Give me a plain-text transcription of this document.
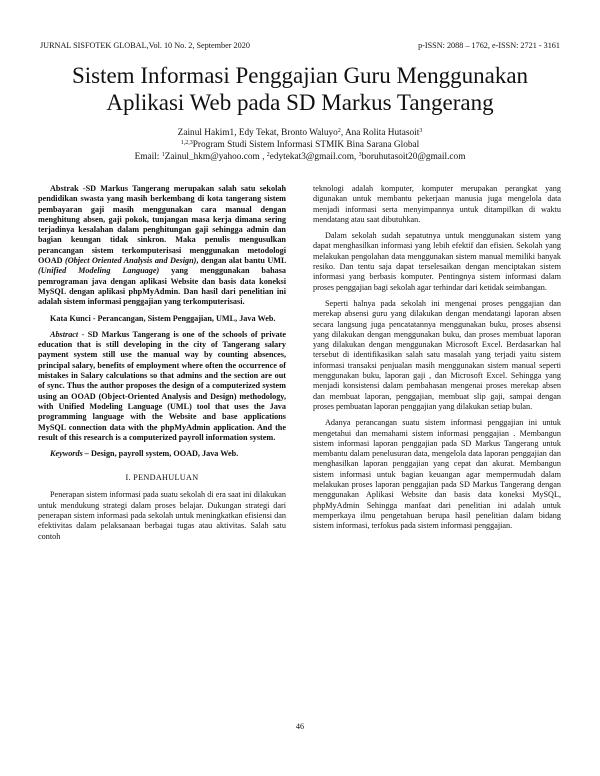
JURNAL SISFOTEK GLOBAL,Vol. 10 No. 2, September 2020	p-ISSN: 2088 – 1762, e-ISSN: 2721 - 3161
Sistem Informasi Penggajian Guru Menggunakan
Aplikasi Web pada SD Markus Tangerang
Zainul Hakim1, Edy Tekat, Bronto Waluyo$^2$, Ana Rolita Hutasoit$^3$
$^{1,2,3}$Program Studi Sistem Informasi STMIK Bina Sarana Global
Email: $^1$Zainul_hkm@yahoo.com , $^2$edytekat3@gmail.com, $^3$boruhutasoit20@gmail.com

Abstrak -SD Markus Tangerang merupakan salah satu sekolah pendidikan swasta yang masih berkembang di kota tangerang sistem pembayaran gaji masih menggunakan cara manual dengan menghitung absen, gaji pokok, tunjangan masa kerja dimana sering terjadinya kesalahan dalam penghitungan gaji sehingga admin dan bagian keungan tidak sinkron. Maka penulis mengusulkan perancangan sistem terkomputerisasi menggunakan metodologi OOAD (Object Oriented Analysis and Design), dengan alat bantu UML (Unified Modeling Language) yang menggunakan bahasa pemrograman java dengan aplikasi Website dan basis data koneksi MySQL dengan aplikasi phpMyAdmin. Dan hasil dari penelitian ini adalah sistem informasi penggajian yang terkomputerisasi.

Kata Kunci - Perancangan, Sistem Penggajian, UML, Java Web.

Abstract - SD Markus Tangerang is one of the schools of private education that is still developing in the city of Tangerang salary payment system still use the manual way by counting absences, principal salary, benefits of employment where often the occurrence of mistakes in Salary calculations so that admins and the section are out of sync. Thus the author proposes the design of a computerized system using an OOAD (Object-Oriented Analysis and Design) methodology, with Unified Modeling Language (UML) tool that uses the Java programming language with the Website and base applications MySQL connection data with the phpMyAdmin application. And the result of this research is a computerized payroll information system.

Keywords – Design, payroll system, OOAD, Java Web.

I. PENDAHULUAN

Penerapan sistem informasi pada suatu sekolah di era saat ini dilakukan untuk mendukung strategi dalam proses belajar. Dukungan strategi dari penerapan sistem informasi pada sekolah untuk meningkatkan efisiensi dan efektivitas dalam pelaksanaan berbagai tugas atau aktivitas. Salah satu contoh

teknologi adalah komputer, komputer merupakan perangkat yang digunakan untuk membantu pekerjaan manusia juga mengelola data menjadi informasi serta menyimpannya untuk ditampilkan di waktu mendatang atau saat dibutuhkan.

Dalam sekolah sudah sepatutnya untuk menggunakan sistem yang dapat menghasilkan informasi yang lebih efektif dan efisien. Sekolah yang melakukan pengolahan data menggunakan sistem manual memiliki banyak resiko. Dan tentu saja dapat terselesaikan dengan menciptakan sistem informasi yang berbasis komputer. Pentingnya sistem informasi dalam proses penggajian bagi sekolah agar terhindar dari ketidak seimbangan.

Seperti halnya pada sekolah ini mengenai proses penggajian dan merekap absensi guru yang dilakukan dengan mendatangi laporan absen secara langsung juga pencatatannya menggunakan buku, proses absensi yang dilakukan dengan menggunakan buku, dan proses membuat laporan yang dilakukan dengan menggunakan Microsoft Excel. Berdasarkan hal tersebut di identifikasikan salah satu masalah yang terjadi yaitu sistem informasi transaksi penjualan masih menggunakan sistem manual seperti menggunakan buku, laporan gaji , dan Microsoft Excel. Sehingga yang menjadi konsistensi dalam pembahasan mengenai proses merekap absen dan membuat laporan, penggajian, membuat slip gaji, sampai dengan proses pembuatan laporan penggajian yang dilakukan setiap bulan.

Adanya perancangan suatu sistem informasi penggajian ini untuk mengetahui dan memahami sistem informasi penggajian . Membangun sistem informasi laporan penggajian pada SD Markus Tangerang untuk membantu dalam penelusuran data, mengelola data laporan penggajian dan menghasilkan laporan penggajian yang cepat dan akurat. Membangun sistem informasi untuk bagian keuangan agar mempermudah dalam melakukan proses laporan penggajian pada SD Markus Tangerang dengan menggunakan Aplikasi Website dan basis data koneksi MySQL, phpMyAdmin Sehingga manfaat dari penelitian ini adalah untuk memperkaya ilmu pengetahuan berupa hasil penelitian dalam bidang sistem informasi, terfokus pada sistem informasi penggajian.

46
